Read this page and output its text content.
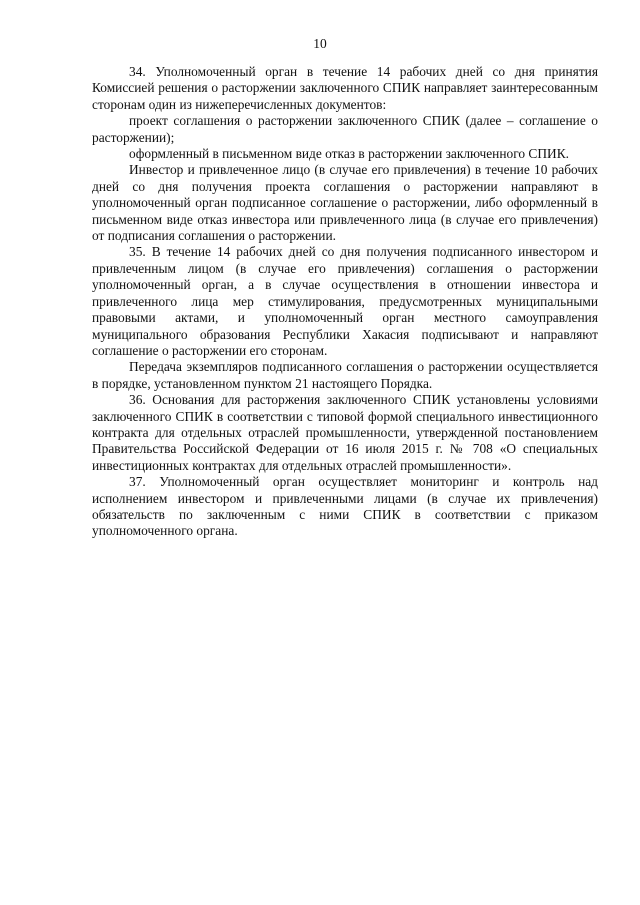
10

34. Уполномоченный орган в течение 14 рабочих дней со дня принятия Комиссией решения о расторжении заключенного СПИК направляет заинтересованным сторонам один из нижеперечисленных документов:

проект соглашения о расторжении заключенного СПИК (далее – соглашение о расторжении);

оформленный в письменном виде отказ в расторжении заключенного СПИК.

Инвестор и привлеченное лицо (в случае его привлечения) в течение 10 рабочих дней со дня получения проекта соглашения о расторжении направляют в уполномоченный орган подписанное соглашение о расторжении, либо оформленный в письменном виде отказ инвестора или привлеченного лица (в случае его привлечения) от подписания соглашения о расторжении.

35. В течение 14 рабочих дней со дня получения подписанного инвестором и привлеченным лицом (в случае его привлечения) соглашения о расторжении уполномоченный орган, а в случае осуществления в отношении инвестора и привлеченного лица мер стимулирования, предусмотренных муниципальными правовыми актами, и уполномоченный орган местного самоуправления муниципального образования Республики Хакасия подписывают и направляют соглашение о расторжении его сторонам.

Передача экземпляров подписанного соглашения о расторжении осуществляется в порядке, установленном пунктом 21 настоящего Порядка.

36. Основания для расторжения заключенного СПИК установлены условиями заключенного СПИК в соответствии с типовой формой специального инвестиционного контракта для отдельных отраслей промышленности, утвержденной постановлением Правительства Российской Федерации от 16 июля 2015 г. № 708 «О специальных инвестиционных контрактах для отдельных отраслей промышленности».

37. Уполномоченный орган осуществляет мониторинг и контроль над исполнением инвестором и привлеченными лицами (в случае их привлечения) обязательств по заключенным с ними СПИК в соответствии с приказом уполномоченного органа.
